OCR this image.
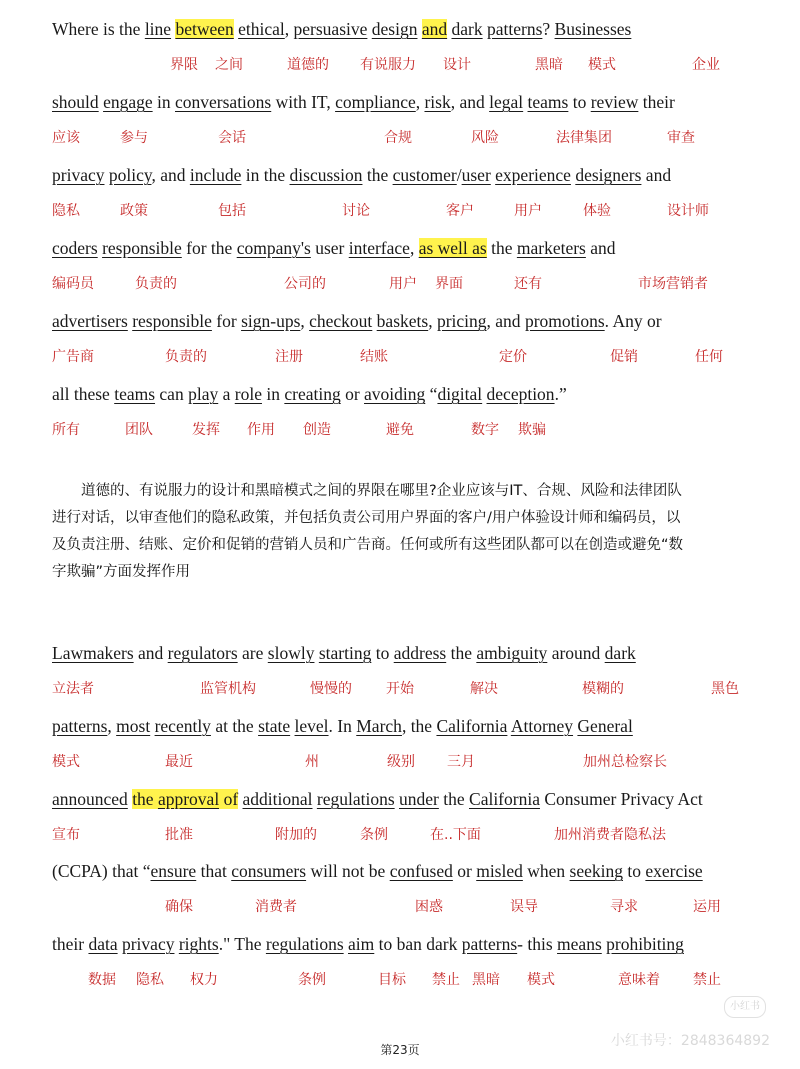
Where is the line between ethical, persuasive design and dark patterns? Businesses
界限 之间	道德的 有说服力 设计	黑暗 模式	企业
should engage in conversations with IT, compliance, risk, and legal teams to review their
应该	参与	会话	合规	风险	法律集团	审查
privacy policy, and include in the discussion the customer/user experience designers and
隐私	政策	包括	讨论	客户	用户	体验	设计师
coders responsible for the company's user interface, as well as the marketers and
编码员	负责的	公司的	用户 界面	还有	市场营销者
advertisers responsible for sign-ups, checkout baskets, pricing, and promotions. Any or
广告商	负责的	注册	结账	定价	促销	任何
all these teams can play a role in creating or avoiding “digital deception.”
所有	团队	发挥 作用 创造	避免	数字 欺骗

　　道德的、有说服力的设计和黑暗模式之间的界限在哪里?企业应该与IT、合规、风险和法律团队

进行对话，以审查他们的隐私政策，并包括负责公司用户界面的客户/用户体验设计师和编码员，以

及负责注册、结账、定价和促销的营销人员和广告商。任何或所有这些团队都可以在创造或避免“数

字欺骗”方面发挥作用

Lawmakers and regulators are slowly starting to address the ambiguity around dark
立法者	监管机构	慢慢的 开始	解决	模糊的	黑色
patterns, most recently at the state level. In March, the California Attorney General
模式	最近	州	级别 三月	加州总检察长
announced the approval of additional regulations under the California Consumer Privacy Act
宣布	批准	附加的	条例	在..下面	加州消费者隐私法
(CCPA) that “ensure that consumers will not be confused or misled when seeking to exercise
确保	消费者	困惑	误导	寻求	运用
their data privacy rights." The regulations aim to ban dark patterns- this means prohibiting
数据 隐私 权力	条例	目标 禁止 黑暗 模式	意味着 禁止
小红书
小红书号：2848364892
第23页
